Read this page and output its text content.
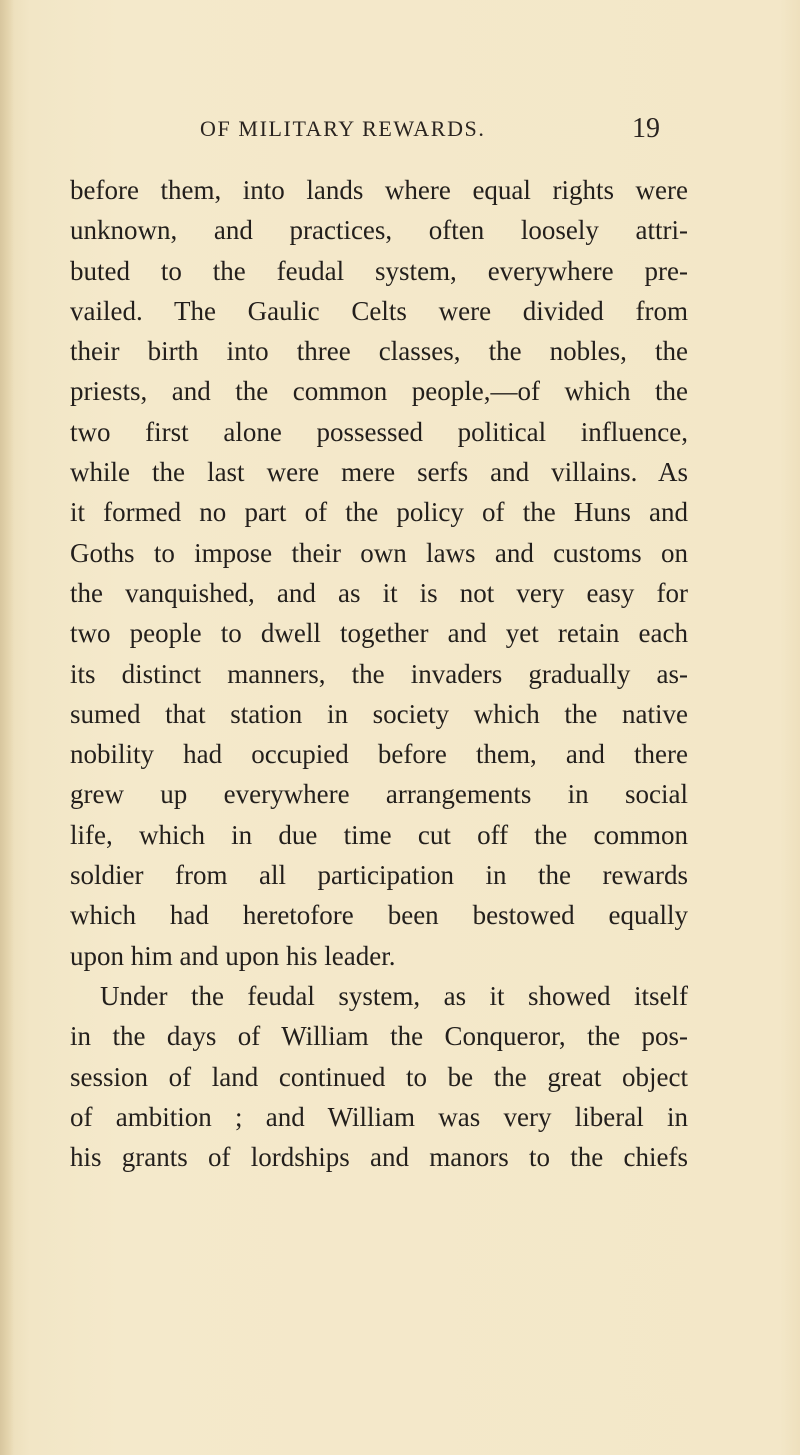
OF MILITARY REWARDS.	19
before them, into lands where equal rights were
unknown, and practices, often loosely attri-
buted to the feudal system, everywhere pre-
vailed. The Gaulic Celts were divided from
their birth into three classes, the nobles, the
priests, and the common people,—of which the
two first alone possessed political influence,
while the last were mere serfs and villains. As
it formed no part of the policy of the Huns and
Goths to impose their own laws and customs on
the vanquished, and as it is not very easy for
two people to dwell together and yet retain each
its distinct manners, the invaders gradually as-
sumed that station in society which the native
nobility had occupied before them, and there
grew up everywhere arrangements in social
life, which in due time cut off the common
soldier from all participation in the rewards
which had heretofore been bestowed equally
upon him and upon his leader.
Under the feudal system, as it showed itself
in the days of William the Conqueror, the pos-
session of land continued to be the great object
of ambition ; and William was very liberal in
his grants of lordships and manors to the chiefs
